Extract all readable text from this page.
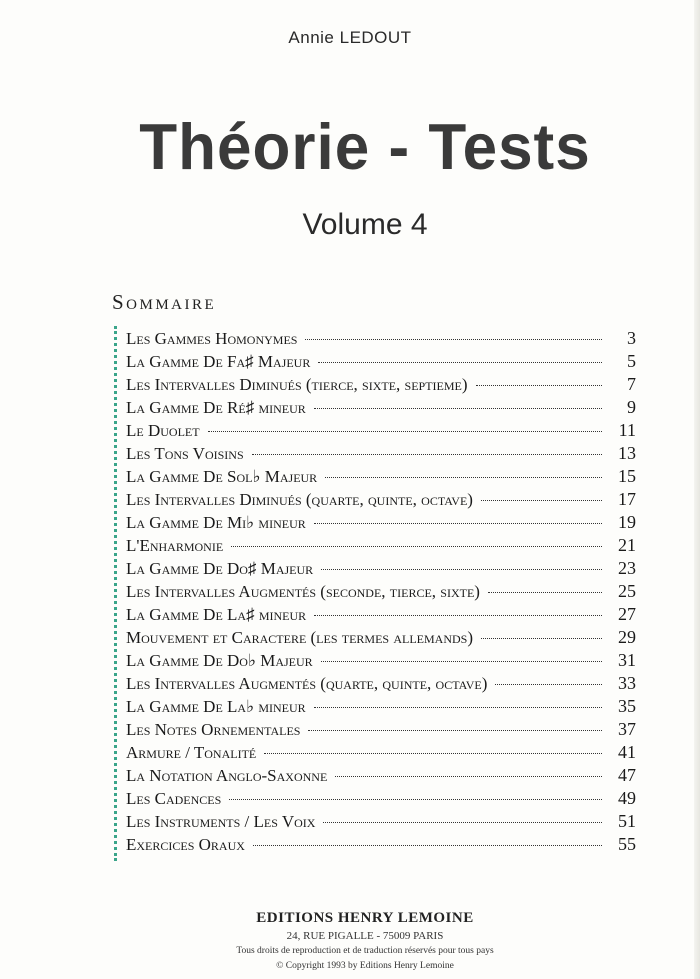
Annie LEDOUT
Théorie - Tests
Volume 4
Sommaire
Les Gammes Homonymes	3
La Gamme De Fa♯ Majeur	5
Les Intervalles Diminués (tierce, sixte, septieme)	7
La Gamme De Ré♯ mineur	9
Le Duolet	11
Les Tons Voisins	13
La Gamme De Sol♭ Majeur	15
Les Intervalles Diminués (quarte, quinte, octave)	17
La Gamme De Mi♭ mineur	19
L'Enharmonie	21
La Gamme De Do♯ Majeur	23
Les Intervalles Augmentés (seconde, tierce, sixte)	25
La Gamme De La♯ mineur	27
Mouvement et Caractere (les termes allemands)	29
La Gamme De Do♭ Majeur	31
Les Intervalles Augmentés (quarte, quinte, octave)	33
La Gamme De La♭ mineur	35
Les Notes Ornementales	37
Armure / Tonalité	41
La Notation Anglo-Saxonne	47
Les Cadences	49
Les Instruments / Les Voix	51
Exercices Oraux	55
EDITIONS HENRY LEMOINE
24, RUE PIGALLE - 75009 PARIS
Tous droits de reproduction et de traduction réservés pour tous pays
© Copyright 1993 by Editions Henry Lemoine
